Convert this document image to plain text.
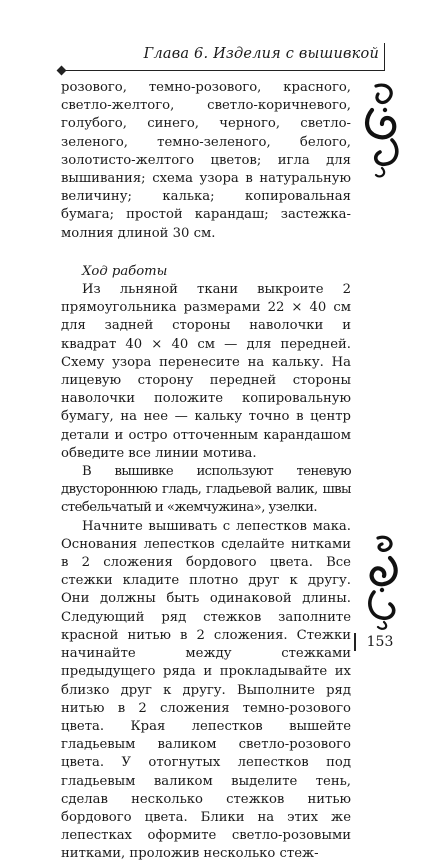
Глава 6. Изделия с вышивкой

розового, темно-розового, красного, светло-желтого, светло-коричневого, голубого, синего, черного, светло-зеленого, темно-зеленого, белого, золотисто-желтого цветов; игла для вышивания; схема узора в натуральную величину; калька; копировальная бумага; простой карандаш; застежка-молния длиной 30 см.

Ход работы

Из льняной ткани выкроите 2 прямоугольника размерами 22 × 40 см для задней стороны наволочки и квадрат 40 × 40 см — для передней. Схему узора перенесите на кальку. На лицевую сторону передней стороны наволочки положите копировальную бумагу, на нее — кальку точно в центр детали и остро отточенным карандашом обведите все линии мотива.

В вышивке используют теневую двустороннюю гладь, гладьевой валик, швы стебельчатый и «жемчужина», узелки.

Начните вышивать с лепестков мака. Основания лепестков сделайте нитками в 2 сложения бордового цвета. Все стежки кладите плотно друг к другу. Они должны быть одинаковой длины. Следующий ряд стежков заполните красной нитью в 2 сложения. Стежки начинайте между стежками предыдущего ряда и прокладывайте их близко друг к другу. Выполните ряд нитью в 2 сложения темно-розового цвета. Края лепестков вышейте гладьевым валиком светло-розового цвета. У отогнутых лепестков под гладьевым валиком выделите тень, сделав несколько стежков нитью бордового цвета. Блики на этих же лепестках оформите светло-розовыми нитками, проложив несколько стеж-

153
